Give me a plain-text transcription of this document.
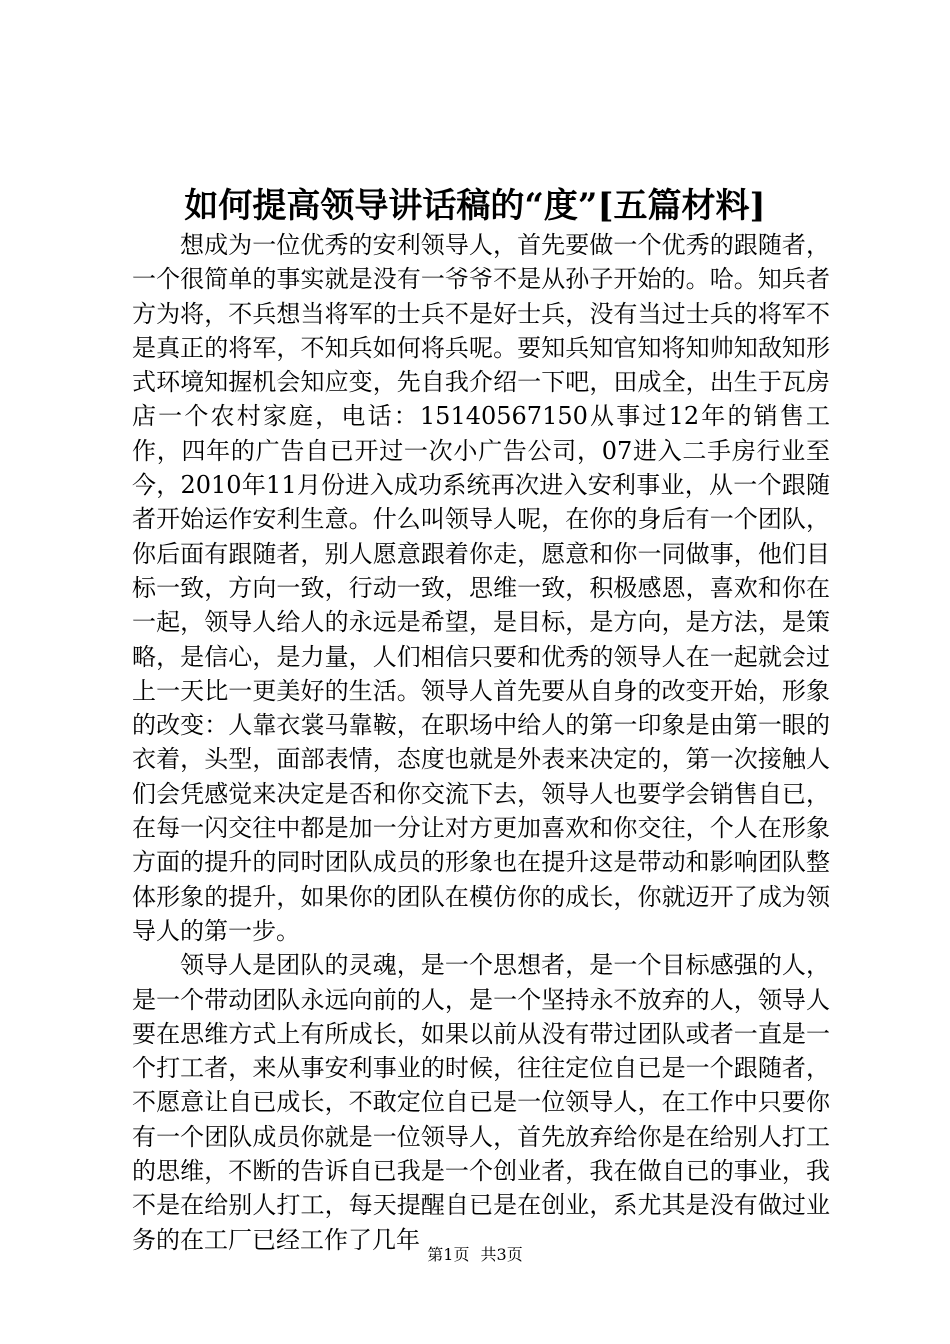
如何提高领导讲话稿的“度”[五篇材料]

想成为一位优秀的安利领导人，首先要做一个优秀的跟随者，一个很简单的事实就是没有一爷爷不是从孙子开始的。哈。知兵者方为将，不兵想当将军的士兵不是好士兵，没有当过士兵的将军不是真正的将军，不知兵如何将兵呢。要知兵知官知将知帅知敌知形式环境知握机会知应变，先自我介绍一下吧，田成全，出生于瓦房店一个农村家庭，电话：15140567150从事过12年的销售工作，四年的广告自已开过一次小广告公司，07进入二手房行业至今，2010年11月份进入成功系统再次进入安利事业，从一个跟随者开始运作安利生意。什么叫领导人呢，在你的身后有一个团队，你后面有跟随者，别人愿意跟着你走，愿意和你一同做事，他们目标一致，方向一致，行动一致，思维一致，积极感恩，喜欢和你在一起，领导人给人的永远是希望，是目标，是方向，是方法，是策略，是信心，是力量，人们相信只要和优秀的领导人在一起就会过上一天比一更美好的生活。领导人首先要从自身的改变开始，形象的改变：人靠衣裳马靠鞍，在职场中给人的第一印象是由第一眼的衣着，头型，面部表情，态度也就是外表来决定的，第一次接触人们会凭感觉来决定是否和你交流下去，领导人也要学会销售自已，在每一闪交往中都是加一分让对方更加喜欢和你交往，个人在形象方面的提升的同时团队成员的形象也在提升这是带动和影响团队整体形象的提升，如果你的团队在模仿你的成长，你就迈开了成为领导人的第一步。

领导人是团队的灵魂，是一个思想者，是一个目标感强的人，是一个带动团队永远向前的人，是一个坚持永不放弃的人，领导人要在思维方式上有所成长，如果以前从没有带过团队或者一直是一个打工者，来从事安利事业的时候，往往定位自已是一个跟随者，不愿意让自已成长，不敢定位自已是一位领导人，在工作中只要你有一个团队成员你就是一位领导人，首先放弃给你是在给别人打工的思维，不断的告诉自已我是一个创业者，我在做自已的事业，我不是在给别人打工，每天提醒自已是在创业，系尤其是没有做过业务的在工厂已经工作了几年

第1页 共3页
